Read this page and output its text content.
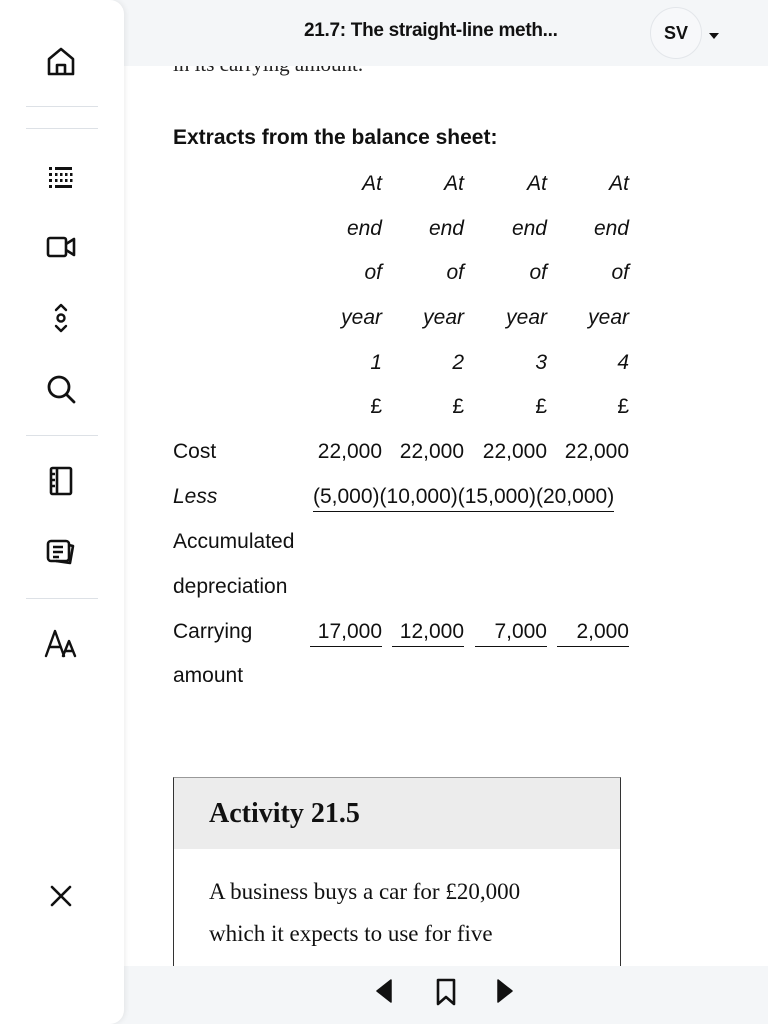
21.7: The straight-line meth...	SV
Extracts from the balance sheet:
At	At	At	At
end	end	end	end
of	of	of	of
year	year	year	year
1	2	3	4
£	£	£	£
Cost	22,000 22,000 22,000 22,000
Less	(5,000)(10,000)(15,000)(20,000)
Accumulated
depreciation
Carrying	17,000 12,000	7,000	2,000
amount
Activity 21.5
A business buys a car for £20,000
which it expects to use for five
